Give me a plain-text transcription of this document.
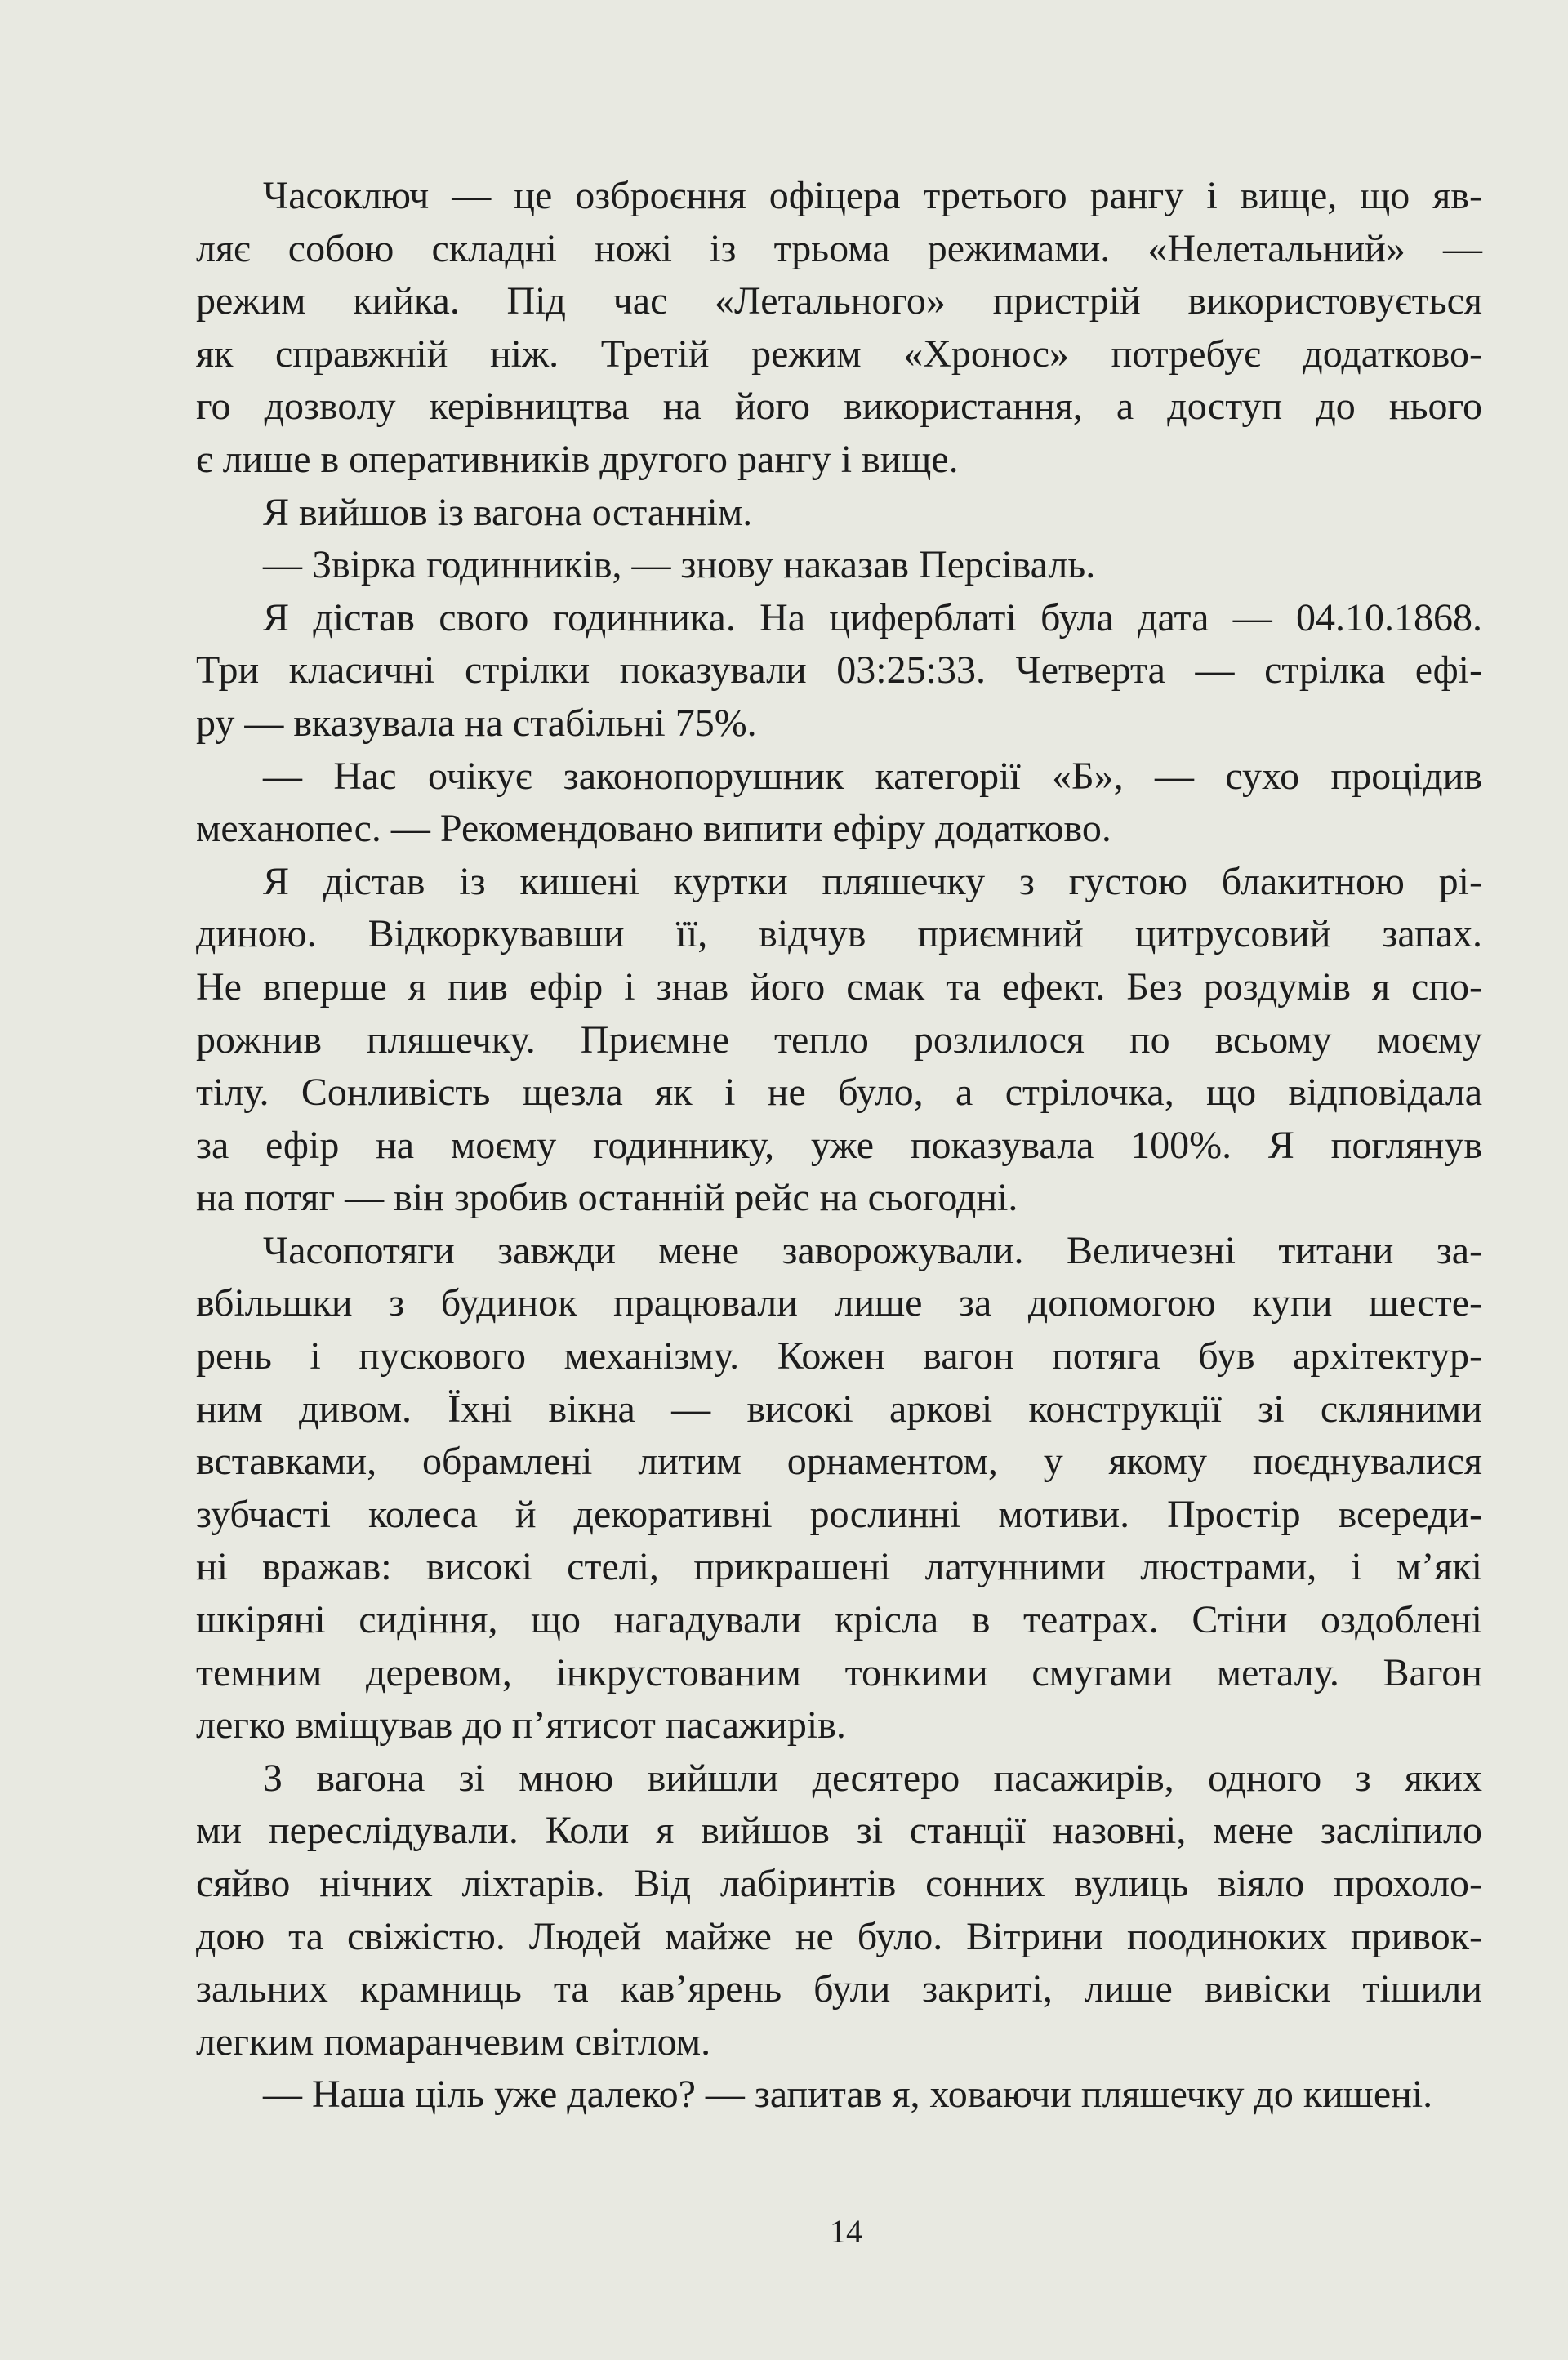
Часоключ — це озброєння офіцера третього рангу і вище, що яв-
ляє собою складні ножі із трьома режимами. «Нелетальний» —
режим кийка. Під час «Летального» пристрій використовується
як справжній ніж. Третій режим «Хронос» потребує додатково-
го дозволу керівництва на його використання, а доступ до нього
є лише в оперативників другого рангу і вище.
Я вийшов із вагона останнім.
— Звірка годинників, — знову наказав Персіваль.
Я дістав свого годинника. На циферблаті була дата — 04.10.1868.
Три класичні стрілки показували 03:25:33. Четверта — стрілка ефі-
ру — вказувала на стабільні 75%.
— Нас очікує законопорушник категорії «Б», — сухо процідив
механопес. — Рекомендовано випити ефіру додатково.
Я дістав із кишені куртки пляшечку з густою блакитною рі-
диною. Відкоркувавши її, відчув приємний цитрусовий запах.
Не вперше я пив ефір і знав його смак та ефект. Без роздумів я спо-
рожнив пляшечку. Приємне тепло розлилося по всьому моєму
тілу. Сонливість щезла як і не було, а стрілочка, що відповідала
за ефір на моєму годиннику, уже показувала 100%. Я поглянув
на потяг — він зробив останній рейс на сьогодні.
Часопотяги завжди мене заворожували. Величезні титани за-
вбільшки з будинок працювали лише за допомогою купи шесте-
рень і пускового механізму. Кожен вагон потяга був архітектур-
ним дивом. Їхні вікна — високі аркові конструкції зі скляними
вставками, обрамлені литим орнаментом, у якому поєднувалися
зубчасті колеса й декоративні рослинні мотиви. Простір всереди-
ні вражав: високі стелі, прикрашені латунними люстрами, і м’які
шкіряні сидіння, що нагадували крісла в театрах. Стіни оздоблені
темним деревом, інкрустованим тонкими смугами металу. Вагон
легко вміщував до п’ятисот пасажирів.
З вагона зі мною вийшли десятеро пасажирів, одного з яких
ми переслідували. Коли я вийшов зі станції назовні, мене засліпило
сяйво нічних ліхтарів. Від лабіринтів сонних вулиць віяло прохоло-
дою та свіжістю. Людей майже не було. Вітрини поодиноких привок-
зальних крамниць та кав’ярень були закриті, лише вивіски тішили
легким помаранчевим світлом.
— Наша ціль уже далеко? — запитав я, ховаючи пляшечку до кишені.
14
